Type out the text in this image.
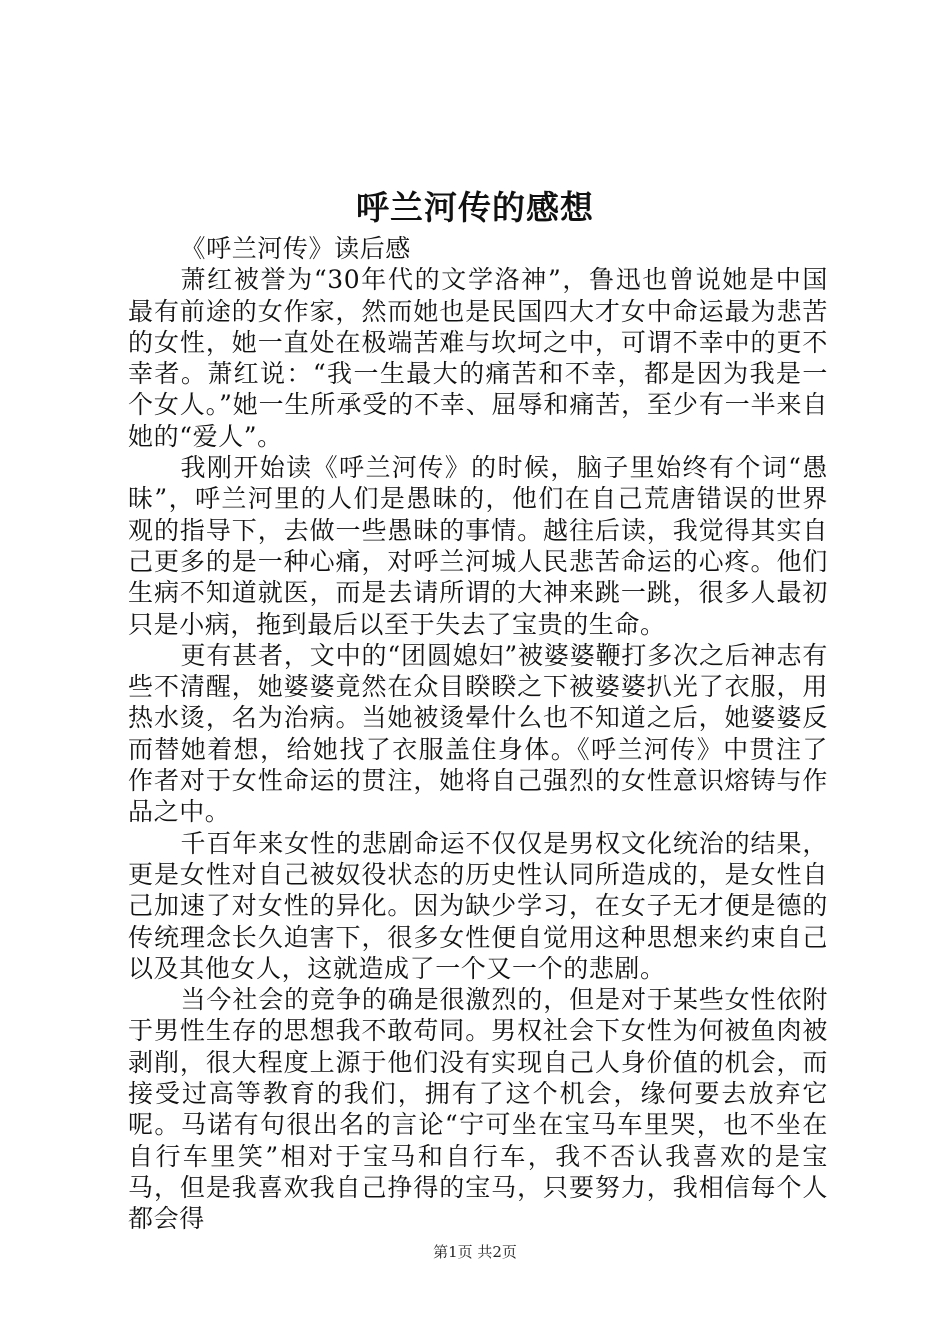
呼兰河传的感想

《呼兰河传》读后感

萧红被誉为“30年代的文学洛神”，鲁迅也曾说她是中国最有前途的女作家，然而她也是民国四大才女中命运最为悲苦的女性，她一直处在极端苦难与坎坷之中，可谓不幸中的更不幸者。萧红说：“我一生最大的痛苦和不幸，都是因为我是一个女人。”她一生所承受的不幸、屈辱和痛苦，至少有一半来自她的“爱人”。

我刚开始读《呼兰河传》的时候，脑子里始终有个词“愚昧”，呼兰河里的人们是愚昧的，他们在自己荒唐错误的世界观的指导下，去做一些愚昧的事情。越往后读，我觉得其实自己更多的是一种心痛，对呼兰河城人民悲苦命运的心疼。他们生病不知道就医，而是去请所谓的大神来跳一跳，很多人最初只是小病，拖到最后以至于失去了宝贵的生命。

更有甚者，文中的“团圆媳妇”被婆婆鞭打多次之后神志有些不清醒，她婆婆竟然在众目睽睽之下被婆婆扒光了衣服，用热水烫，名为治病。当她被烫晕什么也不知道之后，她婆婆反而替她着想，给她找了衣服盖住身体。《呼兰河传》中贯注了作者对于女性命运的贯注，她将自己强烈的女性意识熔铸与作品之中。

千百年来女性的悲剧命运不仅仅是男权文化统治的结果，更是女性对自己被奴役状态的历史性认同所造成的，是女性自己加速了对女性的异化。因为缺少学习，在女子无才便是德的传统理念长久迫害下，很多女性便自觉用这种思想来约束自己以及其他女人，这就造成了一个又一个的悲剧。

当今社会的竞争的确是很激烈的，但是对于某些女性依附于男性生存的思想我不敢苟同。男权社会下女性为何被鱼肉被剥削，很大程度上源于他们没有实现自己人身价值的机会，而接受过高等教育的我们，拥有了这个机会，缘何要去放弃它呢。马诺有句很出名的言论“宁可坐在宝马车里哭，也不坐在自行车里笑”相对于宝马和自行车，我不否认我喜欢的是宝马，但是我喜欢我自己挣得的宝马，只要努力，我相信每个人都会得

第1页 共2页
